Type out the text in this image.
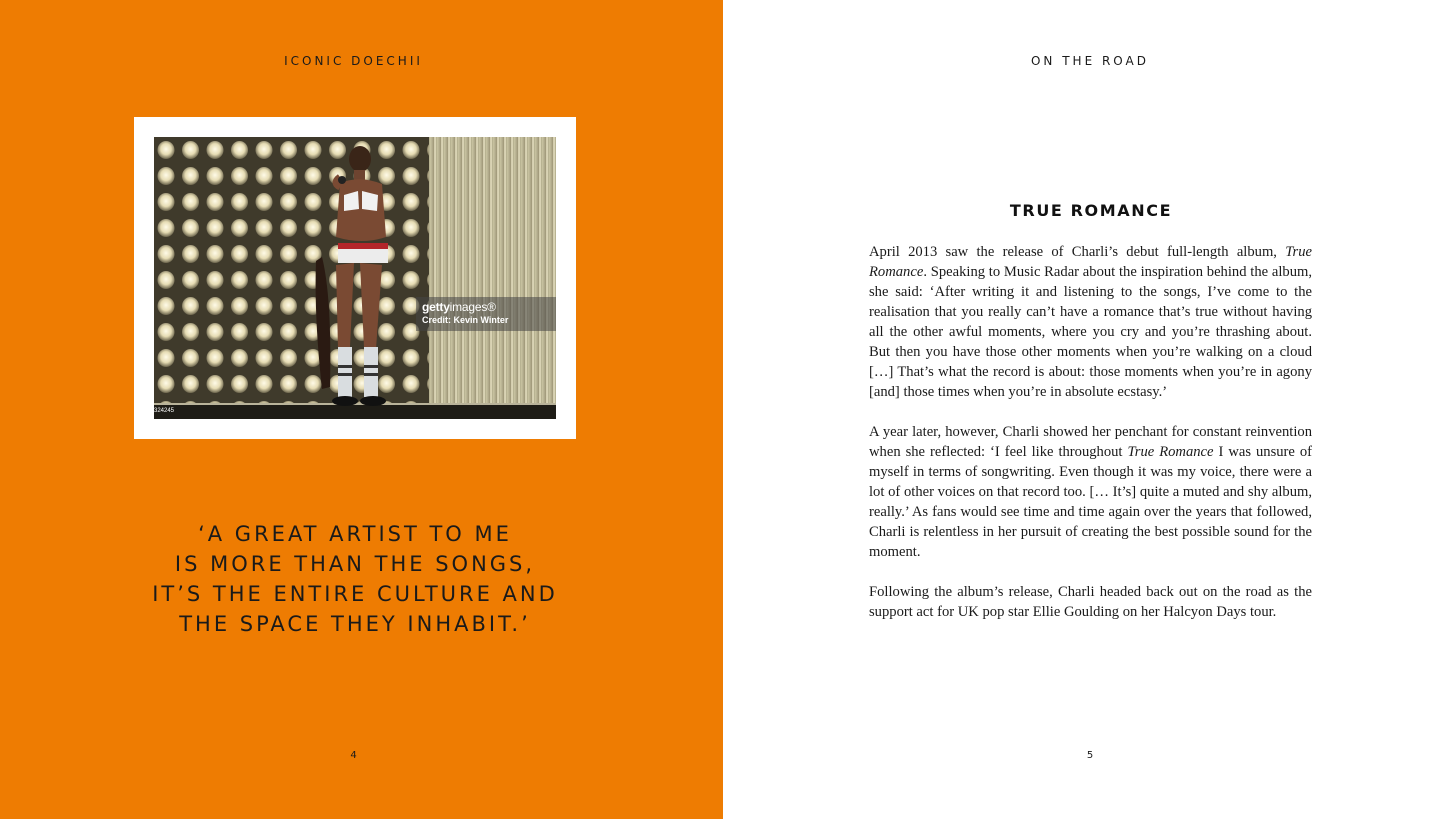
ICONIC DOECHII
gettyimages®
Credit: Kevin Winter
324245
‘A GREAT ARTIST TO ME
IS MORE THAN THE SONGS,
IT’S THE ENTIRE CULTURE AND
THE SPACE THEY INHABIT.’
4
ON THE ROAD
TRUE ROMANCE

April 2013 saw the release of Charli’s debut full-length album, True Romance. Speaking to Music Radar about the inspiration behind the album, she said: ‘After writing it and listening to the songs, I’ve come to the realisation that you really can’t have a romance that’s true without having all the other awful moments, where you cry and you’re thrashing about. But then you have those other moments when you’re walking on a cloud […] That’s what the record is about: those moments when you’re in agony [and] those times when you’re in absolute ecstasy.’

A year later, however, Charli showed her penchant for constant reinvention when she reflected: ‘I feel like throughout True Romance I was unsure of myself in terms of songwriting. Even though it was my voice, there were a lot of other voices on that record too. [… It’s] quite a muted and shy album, really.’ As fans would see time and time again over the years that followed, Charli is relentless in her pursuit of creating the best possible sound for the moment.

Following the album’s release, Charli headed back out on the road as the support act for UK pop star Ellie Goulding on her Halcyon Days tour.

5
